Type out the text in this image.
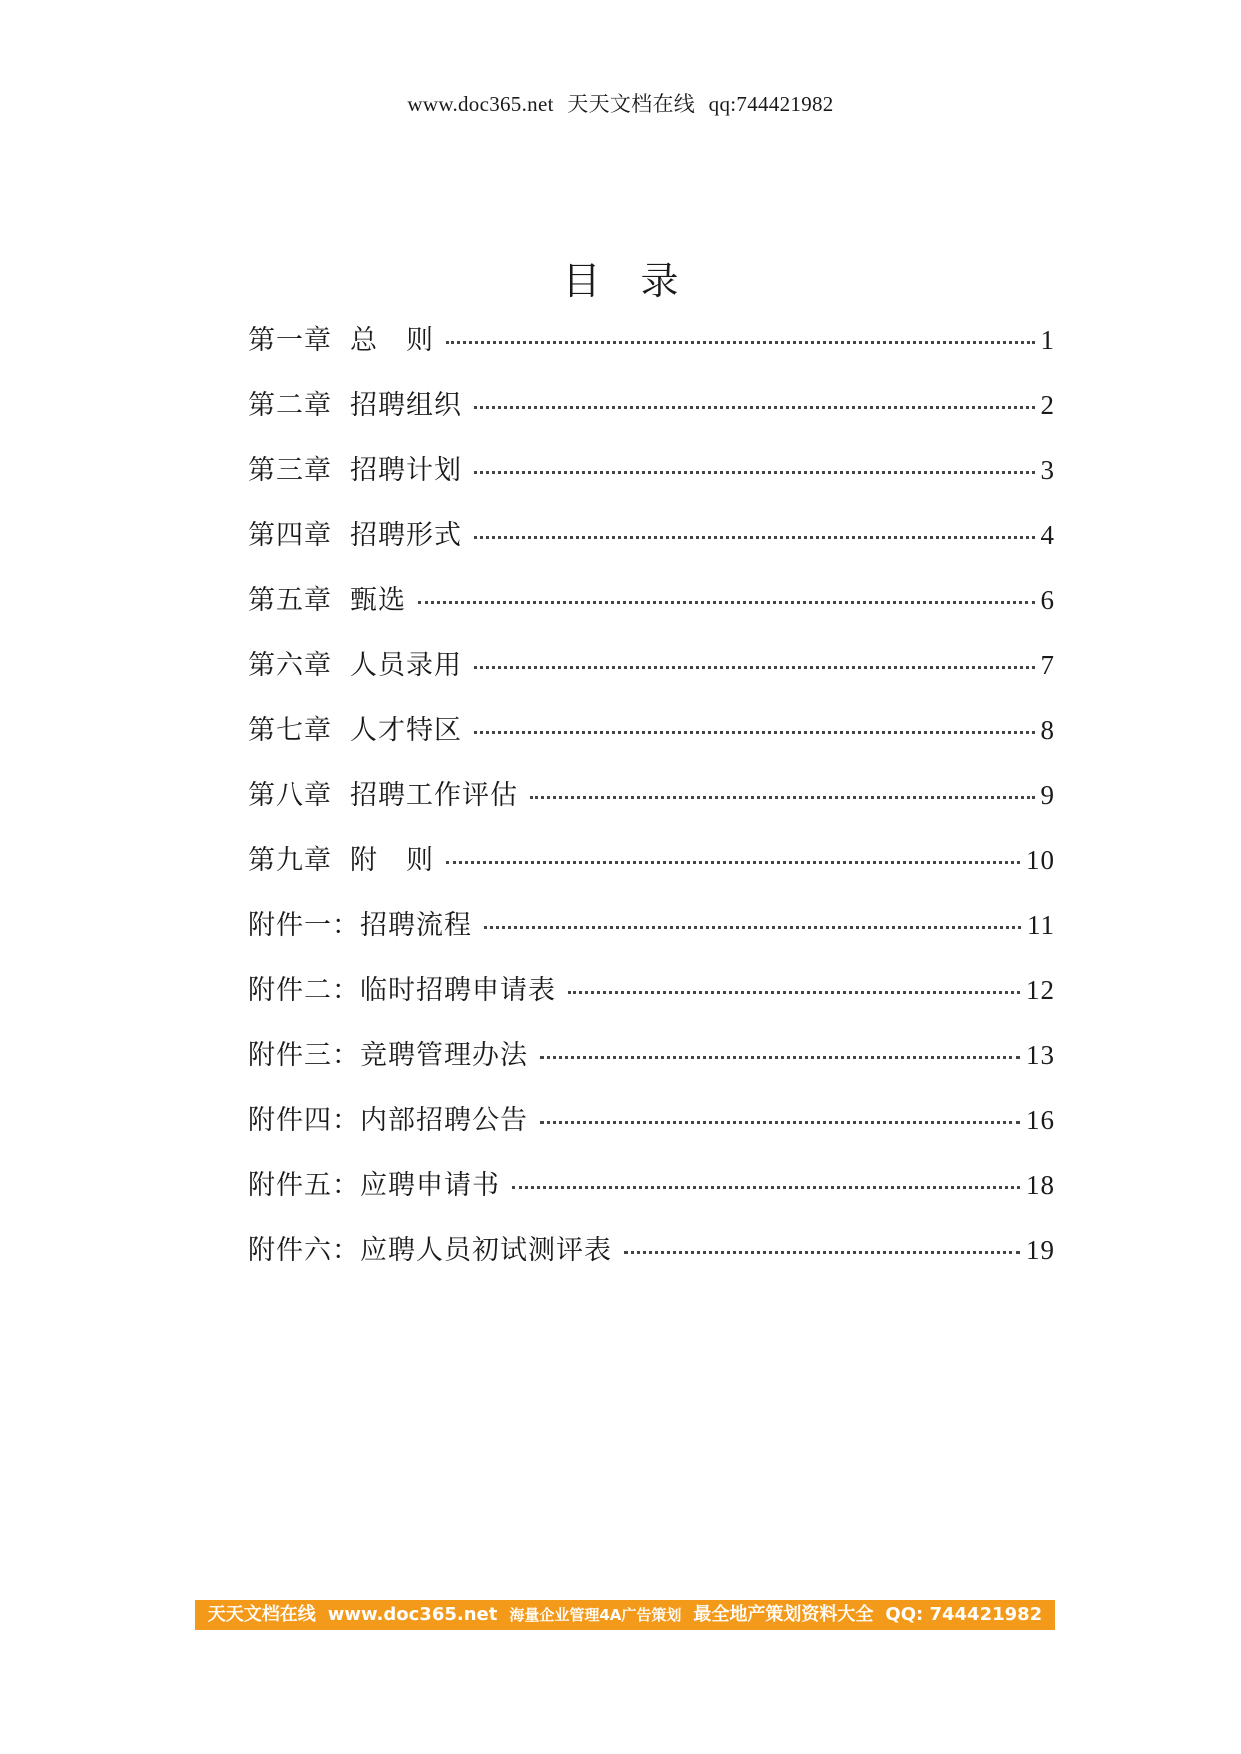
www.doc365.net 天天文档在线 qq:744421982
目录
第一章 总　则	1
第二章 招聘组织	2
第三章 招聘计划	3
第四章 招聘形式	4
第五章 甄选	6
第六章 人员录用	7
第七章 人才特区	8
第八章 招聘工作评估	9
第九章 附　则	10
附件一： 招聘流程	11
附件二： 临时招聘申请表	12
附件三： 竞聘管理办法	13
附件四： 内部招聘公告	16
附件五： 应聘申请书	18
附件六： 应聘人员初试测评表	19
天天文档在线 www.doc365.net 海量企业管理4A广告策划 最全地产策划资料大全 QQ: 744421982
